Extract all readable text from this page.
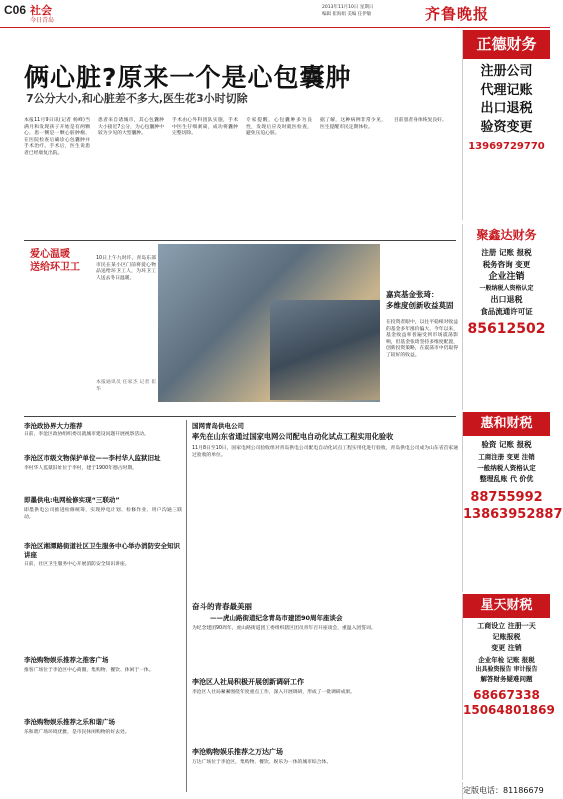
C06 社会
今日青岛
2013年11月10日 星期日
编辑 崔海娟 美编 任伊敏	齐鲁晚报
俩心脏?原来一个是心包囊肿
7公分大小,和心脏差不多大,医生花3小时切除
本报11月9日讯(记者 杨峰)当满月和发现孩子开始是有两颗心，患一侧是一颗心脏肿瘤，在医院检查后确诊心包囊肿并手术治疗。手术后，医生说患者已经康复出院。
患者来自诸城市，其心包囊肿大小接近7公分，为心包囊肿中较为少见的大型囊肿。
手术由心外科团队实施，手术中医生仔细剥离，成功将囊肿完整切除。
专家提醒，心包囊肿多为良性，发现后应及时就医检查，避免压迫心脏。
据了解，这种病例非常少见，医生提醒市民定期体检。
目前患者身体恢复良好。
爱心温暖
送给环卫工
10日上午九时许，青岛东部市民在某小区门前将爱心物品送给环卫工人，为环卫工人送去冬日温暖。
本报通讯员 任家杰 记者 崔华
嘉宾基金张琦：
多维度创新收益莫固
在投资者眼中，以往平稳相对收益的基金多年涨价偏大，今年以来，基金收益率普遍受到市场震荡影响，但基金张琦坚持多维度配置，创新投资策略，在震荡市中仍取得了较好的收益。
李沧政协界大力推荐
日前，李沧区政协组织委员就城市建设问题开展视察活动。
李沧区市级文物保护单位——李村华人监狱旧址
李村华人监狱旧址位于李村，建于1900年德占时期。
即墨供电:电网检修实现“三联动”
即墨供电公司推进检修统筹，实现停电计划、检修作业、用户沟通三联动。
李沧区湘潭路街道社区卫生服务中心举办消防安全知识讲座
日前，社区卫生服务中心开展消防安全知识讲座。
李沧购物娱乐推荐之推客广场
推客广场位于李沧区中心商圈，集购物、餐饮、休闲于一体。
李沧购物娱乐推荐之乐和谐广场
乐和谐广场环境优雅，是市民休闲购物的好去处。
国网青岛供电公司
率先在山东省通过国家电网公司配电自动化试点工程实用化验收
11月8日至10日，国家电网公司验收组对青岛供电公司配电自动化试点工程实用化进行验收，青岛供电公司成为山东省首家通过验收的单位。
奋斗的青春最美丽
——虎山路街道纪念青岛市建团90周年座谈会
为纪念建团90周年，虎山路街道团工委组织辖区团员青年召开座谈会，重温入团誓词。
李沧区人社局积极开展创新调研工作
李沧区人社局紧紧围绕年度重点工作，深入开展调研，形成了一批调研成果。
李沧购物娱乐推荐之万达广场
万达广场位于李沧区，集购物、餐饮、娱乐为一体的城市综合体。
正德财务
注册公司
代理记账
出口退税
验资变更
13969729770
聚鑫达财务
注册 记账 报税
税务咨询 变更
企业注销
一般纳税人资格认定
出口退税
食品流通许可证
85612502
惠和财税
验资 记账 报税
工商注册 变更 注销
一般纳税人资格认定
整理乱账 代 价优
88755992
13863952887
星天财税
工商设立 注册一天
记账报税
变更 注销
企业年检 记账 报税
出具验资报告 审计报告
解答财务疑难问题
68667338
15064801869
定版电话：81186679
